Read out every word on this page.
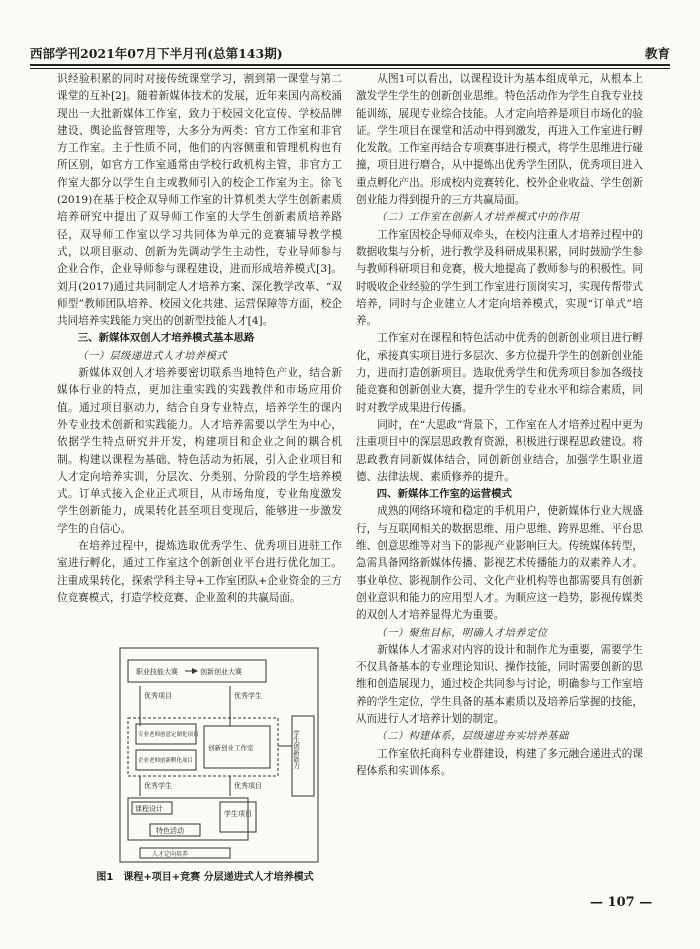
西部学刊2021年07月下半月刊(总第143期)	教育

识经验积累的同时对接传统课堂学习，割到第一课堂与第二课堂的互补[2]。随着新媒体技术的发展，近年来国内高校涌现出一大批新媒体工作室，致力于校园文化宣传、学校品牌建设、舆论监督管理等，大多分为两类：官方工作室和非官方工作室。主于性质不同，他们的内容侧重和管理机构也有所区别，如官方工作室通常由学校行政机构主管，非官方工作室大都分以学生自主或教师引入的校企工作室为主。徐飞(2019)在基于校企双导师工作室的计算机类大学生创新素质培养研究中提出了双导师工作室的大学生创新素质培养路径，双导师工作室以学习共同体为单元的竞赛辅导教学模式，以项目驱动、创新为先调动学生主动性，专业导师参与企业合作，企业导师参与课程建设，进而形成培养模式[3]。刘月(2017)通过共同制定人才培养方案、深化教学改革、“双师型”教师团队培养、校园文化共建、运营保障等方面，校企共同培养实践能力突出的创新型技能人才[4]。

三、新媒体双创人才培养模式基本思路
（一）层级递进式人才培养模式

新媒体双创人才培养要密切联系当地特色产业，结合新媒体行业的特点，更加注重实践的实践教伴和市场应用价值。通过项目驱动力，结合自身专业特点，培养学生的课内外专业技术创新和实践能力。人才培养需要以学生为中心，依据学生特点研究并开发，构建项目和企业之间的耦合机制。构建以课程为基础、特色活动为拓展，引入企业项目和人才定向培养实训，分层次、分类别、分阶段的学生培养模式。订单式接入企业正式项目，从市场角度，专业角度激发学生创新能力，成果转化甚至项目变现后，能够进一步激发学生的自信心。

在培养过程中，提炼选取优秀学生、优秀项目进驻工作室进行孵化，通过工作室这个创新创业平台进行优化加工。注重成果转化，探索学科主导+工作室团队+企业资金的三方位竞赛模式，打造学校竞赛、企业盈利的共赢局面。

职业技能大赛	创新创业大赛
优秀项目	优秀学生
专业老师创意定制化项目
企业老师创新孵化项目
创新创业工作室	学生创新能力
优秀学生	优秀项目
课程设计
特色活动
学生项目
人才定向培养
图1　课程+项目+竞赛 分层递进式人才培养模式

从图1可以看出，以课程设计为基本组成单元，从根本上激发学生学生的创新创业思维。特色活动作为学生自我专业技能训练，展现专业综合技能。人才定向培养是项目市场化的验证。学生项目在课堂和活动中得到激发，再进入工作室进行孵化发散。工作室再结合专项赛事进行模式，将学生思维进行碰撞，项目进行磨合，从中提炼出优秀学生团队，优秀项目进入重点孵化产出。形成校内竞赛转化、校外企业收益、学生创新创业能力得到提升的三方共赢局面。

（二）工作室在创新人才培养模式中的作用

工作室因校企导师双牵头，在校内注重人才培养过程中的数据收集与分析，进行教学及科研成果积累，同时鼓励学生参与教师科研项目和竞赛，极大地提高了教师参与的积极性。同时吸收企业经验的学生到工作室进行顶岗实习，实现传帮带式培养，同时与企业建立人才定向培养模式，实现“订单式”培养。

工作室对在课程和特色活动中优秀的创新创业项目进行孵化，承接真实项目进行多层次、多方位提升学生的创新创业能力，进而打造创新项目。选取优秀学生和优秀项目参加各级技能竞赛和创新创业大赛，提升学生的专业水平和综合素质，同时对教学成果进行传播。

同时，在“大思政”背景下，工作室在人才培养过程中更为注重项目中的深层思政教育资源，积极进行课程思政建设。将思政教育同新媒体结合，同创新创业结合，加强学生职业道德、法律法规、素质修养的提升。

四、新媒体工作室的运营模式

成熟的网络环境和稳定的手机用户，使新媒体行业大规盛行，与互联网相关的数据思维、用户思维、跨界思维、平台思维、创意思维等对当下的影视产业影响巨大。传统媒体转型，急需具备网络新媒体传播、影视艺术传播能力的双素养人才。事业单位、影视制作公司、文化产业机构等也都需要具有创新创业意识和能力的应用型人才。为顺应这一趋势，影视传媒类的双创人才培养显得尤为重要。

（一）聚焦目标，明确人才培养定位

新媒体人才需求对内容的设计和制作尤为重要，需要学生不仅具备基本的专业理论知识、操作技能，同时需要创新的思维和创造展现力，通过校企共同参与讨论，明确参与工作室培养的学生定位，学生具备的基本素质以及培养后掌握的技能，从而进行人才培养计划的制定。

（二）构建体系，层级递进夯实培养基础

工作室依托商科专业群建设，构建了多元融合递进式的课程体系和实训体系。

— 107 —
